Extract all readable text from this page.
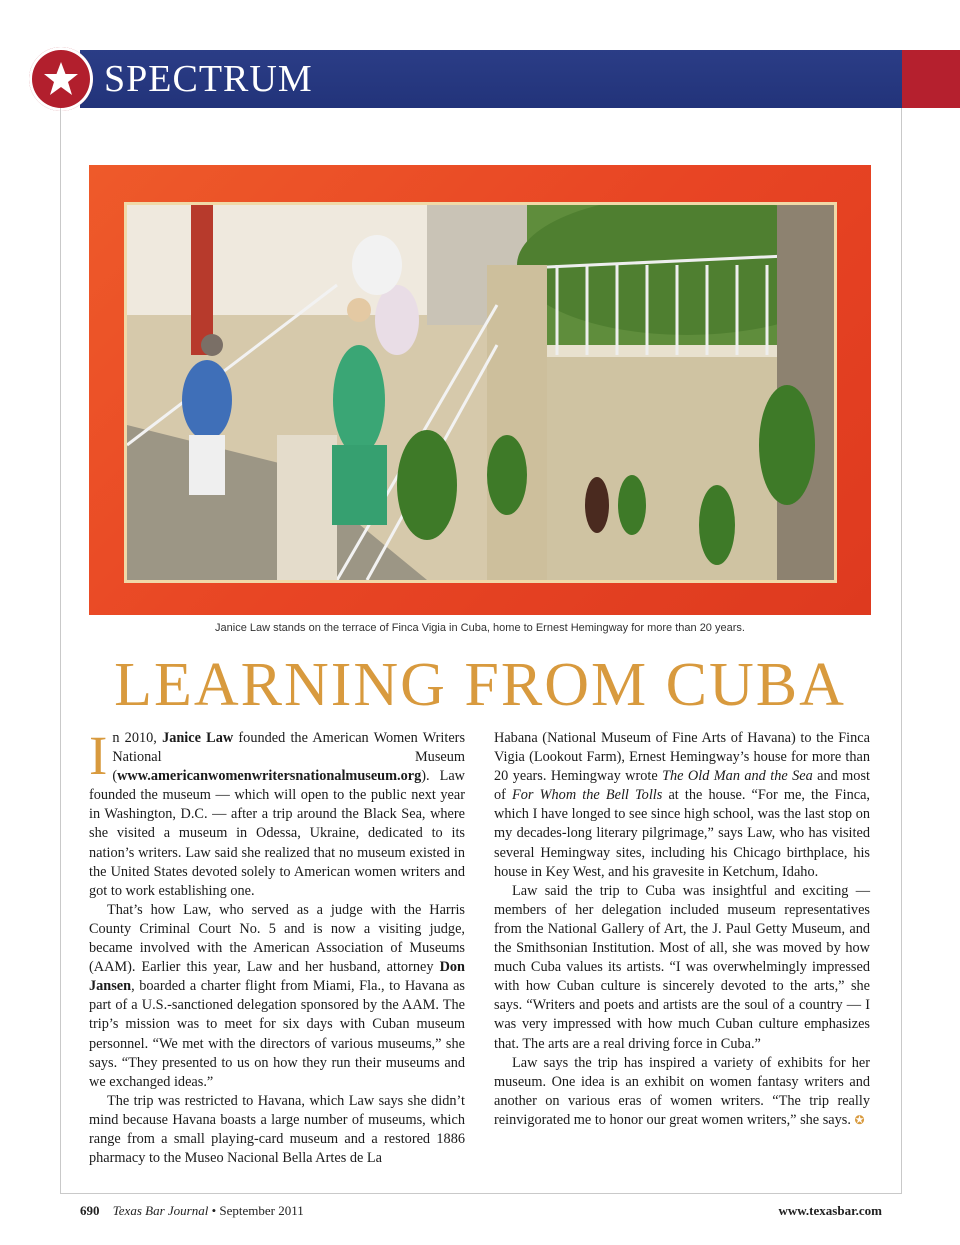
SPECTRUM
Janice Law stands on the terrace of Finca Vigia in Cuba, home to Ernest Hemingway for more than 20 years.
LEARNING FROM CUBA

In 2010, Janice Law founded the American Women Writers National Museum (www.americanwomenwritersnationalmuseum.org). Law founded the museum — which will open to the public next year in Washington, D.C. — after a trip around the Black Sea, where she visited a museum in Odessa, Ukraine, dedicated to its nation’s writers. Law said she realized that no museum existed in the United States devoted solely to American women writers and got to work establishing one.

That’s how Law, who served as a judge with the Harris County Criminal Court No. 5 and is now a visiting judge, became involved with the American Association of Museums (AAM). Earlier this year, Law and her husband, attorney Don Jansen, boarded a charter flight from Miami, Fla., to Havana as part of a U.S.-sanctioned delegation sponsored by the AAM. The trip’s mission was to meet for six days with Cuban museum personnel. “We met with the directors of various museums,” she says. “They presented to us on how they run their museums and we exchanged ideas.”

The trip was restricted to Havana, which Law says she didn’t mind because Havana boasts a large number of museums, which range from a small playing-card museum and a restored 1886 pharmacy to the Museo Nacional Bella Artes de La

Habana (National Museum of Fine Arts of Havana) to the Finca Vigia (Lookout Farm), Ernest Hemingway’s house for more than 20 years. Hemingway wrote The Old Man and the Sea and most of For Whom the Bell Tolls at the house. “For me, the Finca, which I have longed to see since high school, was the last stop on my decades-long literary pilgrimage,” says Law, who has visited several Hemingway sites, including his Chicago birthplace, his house in Key West, and his gravesite in Ketchum, Idaho.

Law said the trip to Cuba was insightful and exciting — members of her delegation included museum representatives from the National Gallery of Art, the J. Paul Getty Museum, and the Smithsonian Institution. Most of all, she was moved by how much Cuba values its artists. “I was overwhelmingly impressed with how Cuban culture is sincerely devoted to the arts,” she says. “Writers and poets and artists are the soul of a country — I was very impressed with how much Cuban culture emphasizes that. The arts are a real driving force in Cuba.”

Law says the trip has inspired a variety of exhibits for her museum. One idea is an exhibit on women fantasy writers and another on various eras of women writers. “The trip really reinvigorated me to honor our great women writers,” she says. ✪

690 Texas Bar Journal • September 2011	www.texasbar.com
